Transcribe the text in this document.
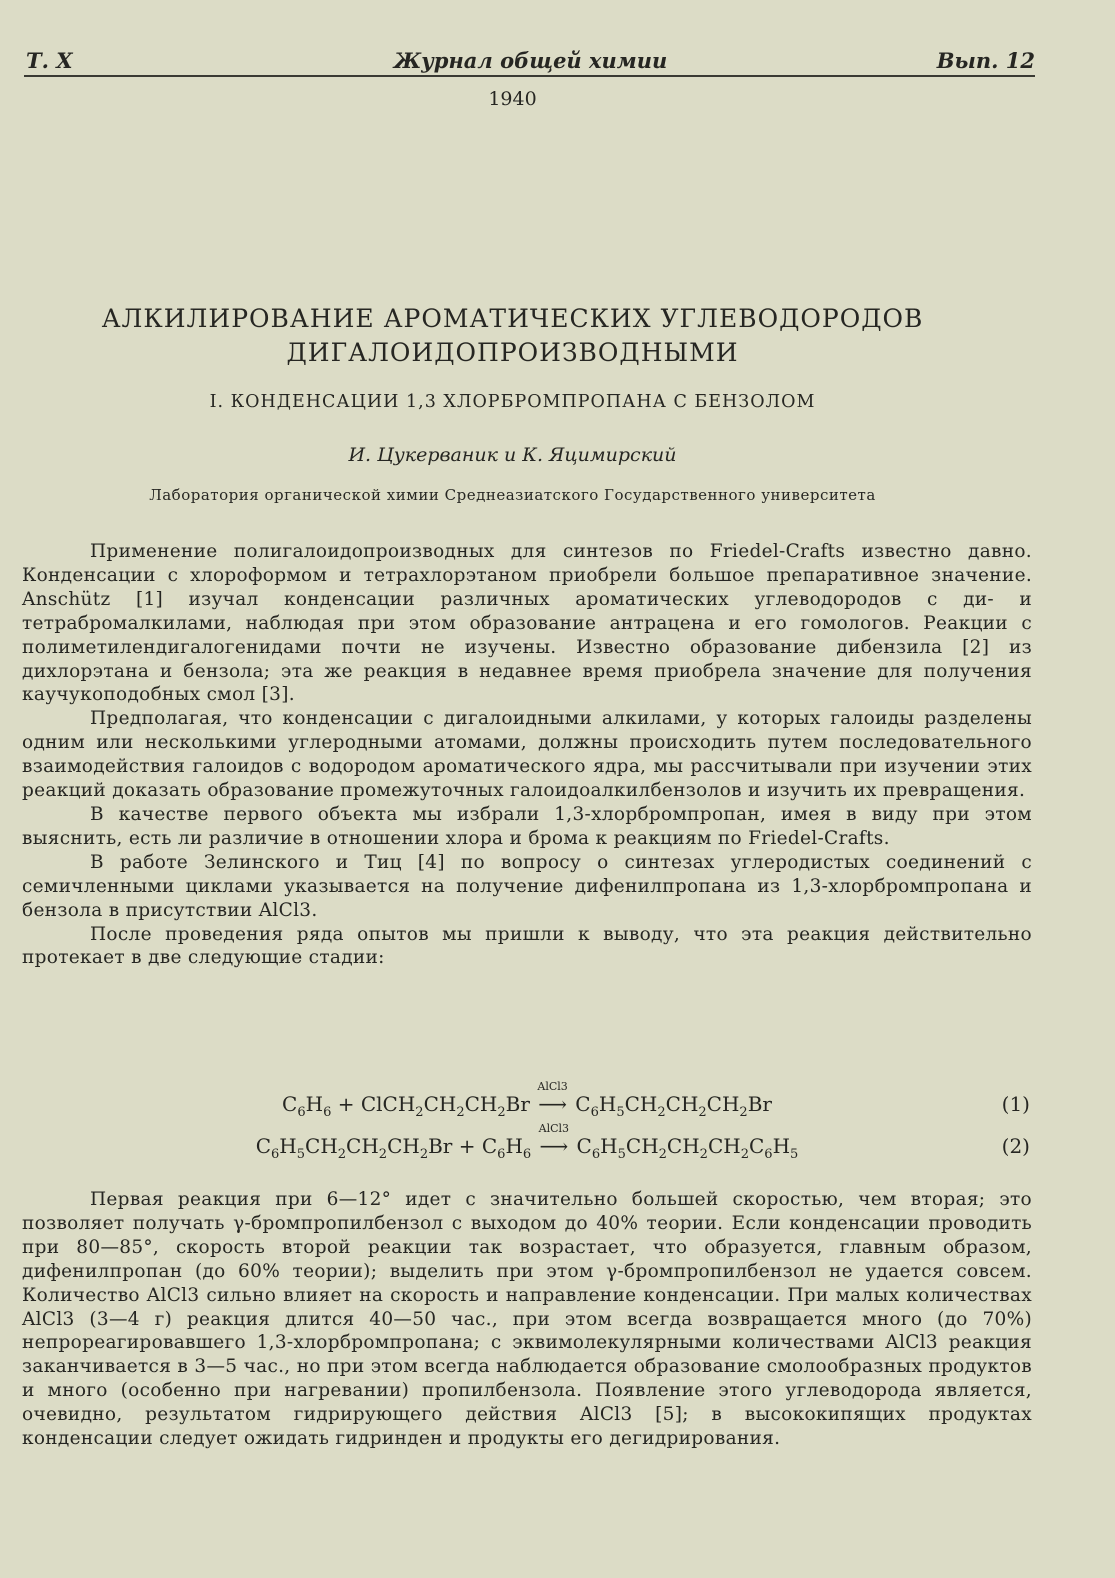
Т. X	Журнал общей химии	Вып. 12
1940
АЛКИЛИРОВАНИЕ АРОМАТИЧЕСКИХ УГЛЕВОДОРОДОВ
ДИГАЛОИДОПРОИЗВОДНЫМИ
I. КОНДЕНСАЦИИ 1,3 ХЛОРБРОМПРОПАНА С БЕНЗОЛОМ
И. Цукерваник и К. Яцимирский
Лаборатория органической химии Среднеазиатского Государственного университета

Применение полигалоидопроизводных для синтезов по Friedel-Crafts известно давно. Конденсации с хлороформом и тетрахлорэтаном приобрели большое препаративное значение. Anschütz [1] изучал конденсации различных ароматических углеводородов с ди- и тетрабромалкилами, наблюдая при этом образование антрацена и его гомологов. Реакции с полиметилендигалогенидами почти не изучены. Известно образование дибензила [2] из дихлорэтана и бензола; эта же реакция в недавнее время приобрела значение для получения каучукоподобных смол [3].

Предполагая, что конденсации с дигалоидными алкилами, у которых галоиды разделены одним или несколькими углеродными атомами, должны происходить путем последовательного взаимодействия галоидов с водородом ароматического ядра, мы рассчитывали при изучении этих реакций доказать образование промежуточных галоидоалкилбензолов и изучить их превращения.

В качестве первого объекта мы избрали 1,3-хлорбромпропан, имея в виду при этом выяснить, есть ли различие в отношении хлора и брома к реакциям по Friedel-Crafts.

В работе Зелинского и Тиц [4] по вопросу о синтезах углеродистых соединений с семичленными циклами указывается на получение дифенилпропана из 1,3-хлорбромпропана и бензола в присутствии AlCl3.

После проведения ряда опытов мы пришли к выводу, что эта реакция действительно протекает в две следующие стадии:

$C_6H_6$ + $ClCH_2CH_2CH_2Br$
AlCl3
⟶ $C_6H_5CH_2CH_2CH_2Br$	(1)
$C_6H_5CH_2CH_2CH_2Br + C_6H_6$
AlCl3
⟶ $C_6H_5CH_2CH_2CH_2C_6H_5$	(2)

Первая реакция при 6—12° идет с значительно большей скоростью, чем вторая; это позволяет получать γ-бромпропилбензол с выходом до 40% теории. Если конденсации проводить при 80—85°, скорость второй реакции так возрастает, что образуется, главным образом, дифенилпропан (до 60% теории); выделить при этом γ-бромпропилбензол не удается совсем. Количество AlCl3 сильно влияет на скорость и направление конденсации. При малых количествах AlCl3 (3—4 г) реакция длится 40—50 час., при этом всегда возвращается много (до 70%) непрореагировавшего 1,3-хлорбромпропана; с эквимолекулярными количествами AlCl3 реакция заканчивается в 3—5 час., но при этом всегда наблюдается образование смолообразных продуктов и много (особенно при нагревании) пропилбензола. Появление этого углеводорода является, очевидно, результатом гидрирующего действия AlCl3 [5]; в высококипящих продуктах конденсации следует ожидать гидринден и продукты его дегидрирования.
